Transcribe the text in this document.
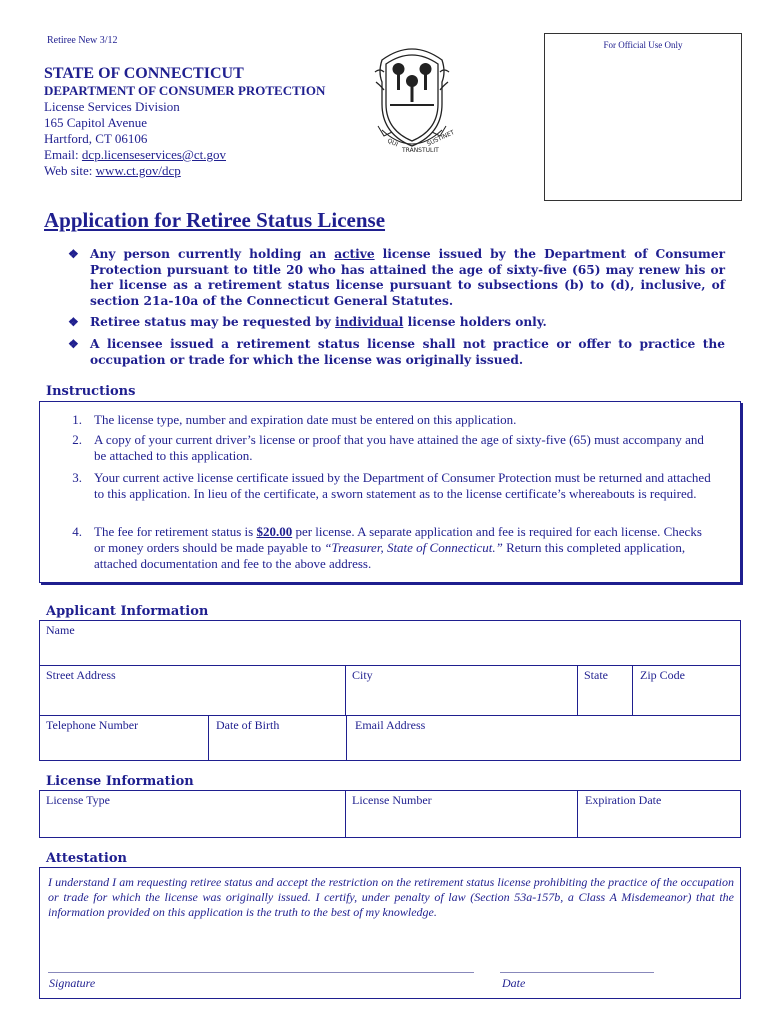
Retiree New 3/12	For Official Use Only
STATE OF CONNECTICUT
DEPARTMENT OF CONSUMER PROTECTION
License Services Division
165 Capitol Avenue
Hartford, CT 06106
Email: dcp.licenseservices@ct.gov
Web site: www.ct.gov/dcp
QUI
TRANSTULIT
SUSTINET
Application for Retiree Status License
❖ Any person currently holding an active license issued by the Department of Consumer Protection pursuant to title 20 who has attained the age of sixty-five (65) may renew his or her license as a retirement status license pursuant to subsections (b) to (d), inclusive, of section 21a-10a of the Connecticut General Statutes.
❖ Retiree status may be requested by individual license holders only.
❖ A licensee issued a retirement status license shall not practice or offer to practice the occupation or trade for which the license was originally issued.
Instructions
1. The license type, number and expiration date must be entered on this application.
2. A copy of your current driver’s license or proof that you have attained the age of sixty-five (65) must accompany and be attached to this application.
3. Your current active license certificate issued by the Department of Consumer Protection must be returned and attached to this application. In lieu of the certificate, a sworn statement as to the license certificate’s whereabouts is required.
4. The fee for retirement status is $20.00 per license. A separate application and fee is required for each license. Checks or money orders should be made payable to “Treasurer, State of Connecticut.” Return this completed application, attached documentation and fee to the above address.
Applicant Information
Name
Street Address	City	State	Zip Code
Telephone Number	Date of Birth	Email Address
License Information
License Type	License Number	Expiration Date
Attestation
I understand I am requesting retiree status and accept the restriction on the retirement status license prohibiting the practice of the occupation or trade for which the license was originally issued. I certify, under penalty of law (Section 53a-157b, a Class A Misdemeanor) that the information provided on this application is the truth to the best of my knowledge.
Signature	Date
